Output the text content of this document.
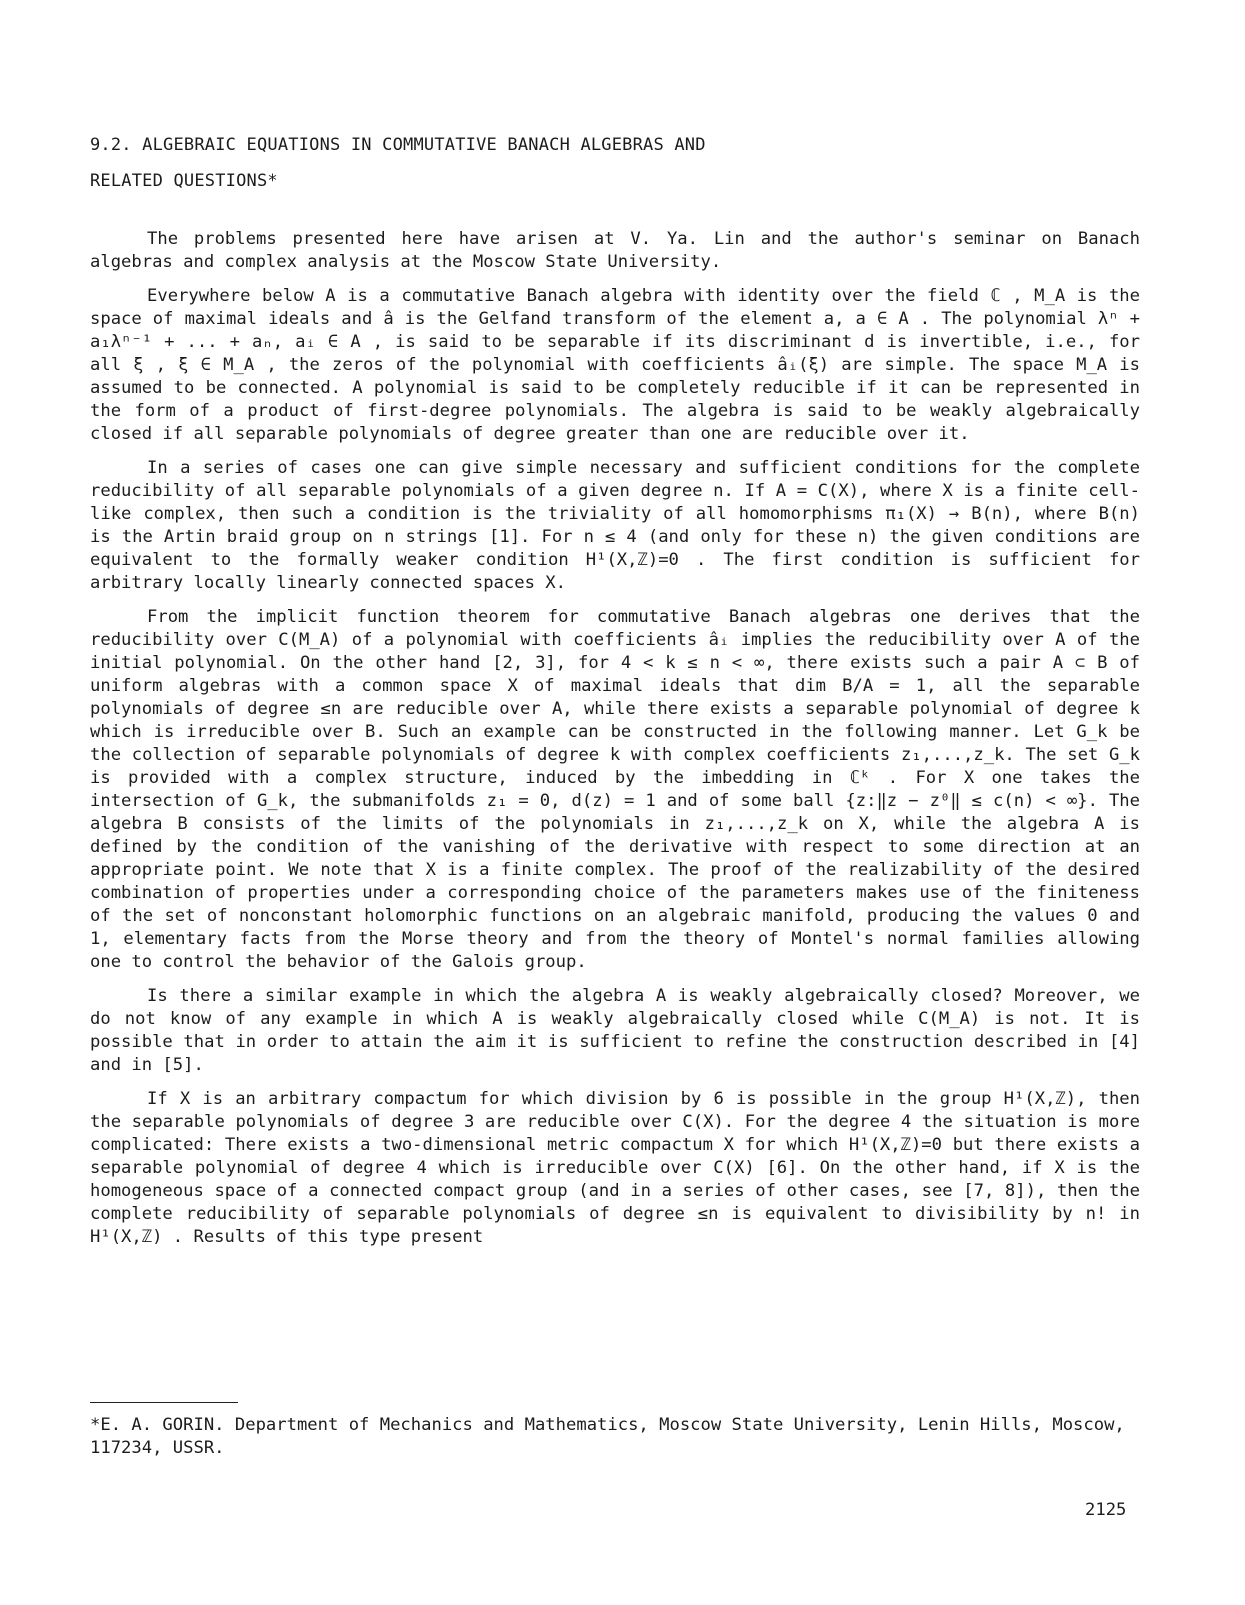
9.2. ALGEBRAIC EQUATIONS IN COMMUTATIVE BANACH ALGEBRAS AND
RELATED QUESTIONS*

The problems presented here have arisen at V. Ya. Lin and the author's seminar on Banach algebras and complex analysis at the Moscow State University.

Everywhere below A is a commutative Banach algebra with identity over the field ℂ , M_A is the space of maximal ideals and â is the Gelfand transform of the element a, a ∈ A . The polynomial λⁿ + a₁λⁿ⁻¹ + ... + aₙ, aᵢ ∈ A , is said to be separable if its discriminant d is invertible, i.e., for all ξ , ξ ∈ M_A , the zeros of the polynomial with coefficients âᵢ(ξ) are simple. The space M_A is assumed to be connected. A polynomial is said to be completely reducible if it can be represented in the form of a product of first-degree polynomials. The algebra is said to be weakly algebraically closed if all separable polynomials of degree greater than one are reducible over it.

In a series of cases one can give simple necessary and sufficient conditions for the complete reducibility of all separable polynomials of a given degree n. If A = C(X), where X is a finite cell-like complex, then such a condition is the triviality of all homomorphisms π₁(X) → B(n), where B(n) is the Artin braid group on n strings [1]. For n ≤ 4 (and only for these n) the given conditions are equivalent to the formally weaker condition H¹(X,ℤ)=0 . The first condition is sufficient for arbitrary locally linearly connected spaces X.

From the implicit function theorem for commutative Banach algebras one derives that the reducibility over C(M_A) of a polynomial with coefficients âᵢ implies the reducibility over A of the initial polynomial. On the other hand [2, 3], for 4 < k ≤ n < ∞, there exists such a pair A ⊂ B of uniform algebras with a common space X of maximal ideals that dim B/A = 1, all the separable polynomials of degree ≤n are reducible over A, while there exists a separable polynomial of degree k which is irreducible over B. Such an example can be constructed in the following manner. Let G_k be the collection of separable polynomials of degree k with complex coefficients z₁,...,z_k. The set G_k is provided with a complex structure, induced by the imbedding in ℂᵏ . For X one takes the intersection of G_k, the submanifolds z₁ = 0, d(z) = 1 and of some ball {z:‖z − z⁰‖ ≤ c(n) < ∞}. The algebra B consists of the limits of the polynomials in z₁,...,z_k on X, while the algebra A is defined by the condition of the vanishing of the derivative with respect to some direction at an appropriate point. We note that X is a finite complex. The proof of the realizability of the desired combination of properties under a corresponding choice of the parameters makes use of the finiteness of the set of nonconstant holomorphic functions on an algebraic manifold, producing the values 0 and 1, elementary facts from the Morse theory and from the theory of Montel's normal families allowing one to control the behavior of the Galois group.

Is there a similar example in which the algebra A is weakly algebraically closed? Moreover, we do not know of any example in which A is weakly algebraically closed while C(M_A) is not. It is possible that in order to attain the aim it is sufficient to refine the construction described in [4] and in [5].

If X is an arbitrary compactum for which division by 6 is possible in the group H¹(X,ℤ), then the separable polynomials of degree 3 are reducible over C(X). For the degree 4 the situation is more complicated: There exists a two-dimensional metric compactum X for which H¹(X,ℤ)=0 but there exists a separable polynomial of degree 4 which is irreducible over C(X) [6]. On the other hand, if X is the homogeneous space of a connected compact group (and in a series of other cases, see [7, 8]), then the complete reducibility of separable polynomials of degree ≤n is equivalent to divisibility by n! in H¹(X,ℤ) . Results of this type present

*E. A. GORIN. Department of Mechanics and Mathematics, Moscow State University, Lenin Hills, Moscow, 117234, USSR.
2125
